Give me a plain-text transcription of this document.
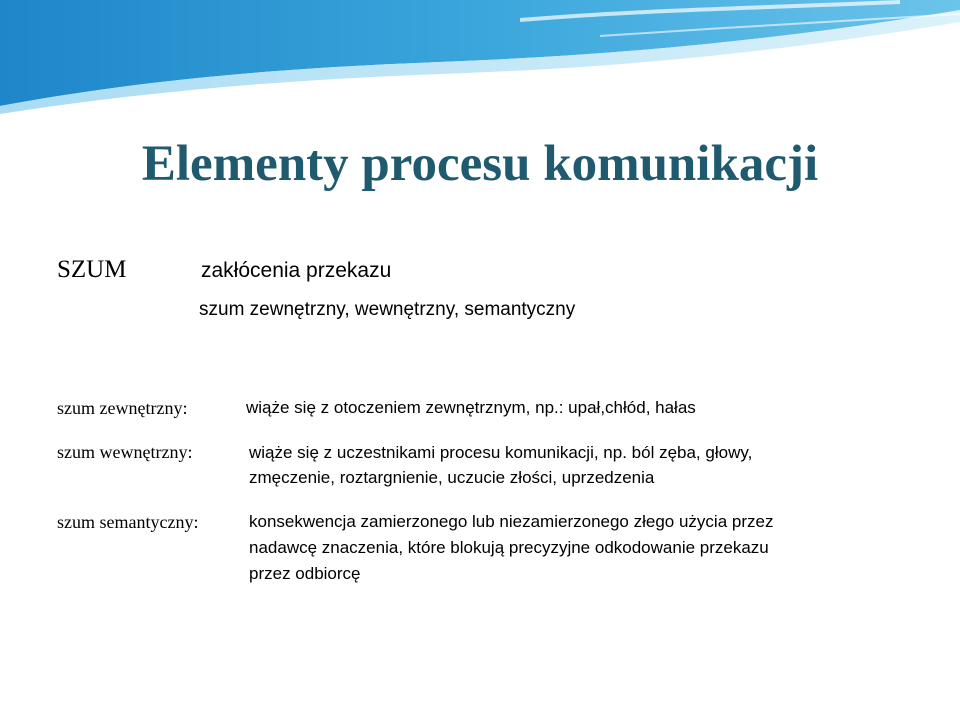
Elementy procesu komunikacji
SZUM	zakłócenia przekazu
szum zewnętrzny, wewnętrzny, semantyczny
szum zewnętrzny:	wiąże się z otoczeniem zewnętrznym, np.: upał,chłód, hałas
szum wewnętrzny:	wiąże się z uczestnikami procesu komunikacji, np. ból zęba, głowy,
zmęczenie, roztargnienie, uczucie złości, uprzedzenia
szum semantyczny:	konsekwencja zamierzonego lub niezamierzonego złego użycia przez
nadawcę znaczenia, które blokują precyzyjne odkodowanie przekazu
przez odbiorcę
